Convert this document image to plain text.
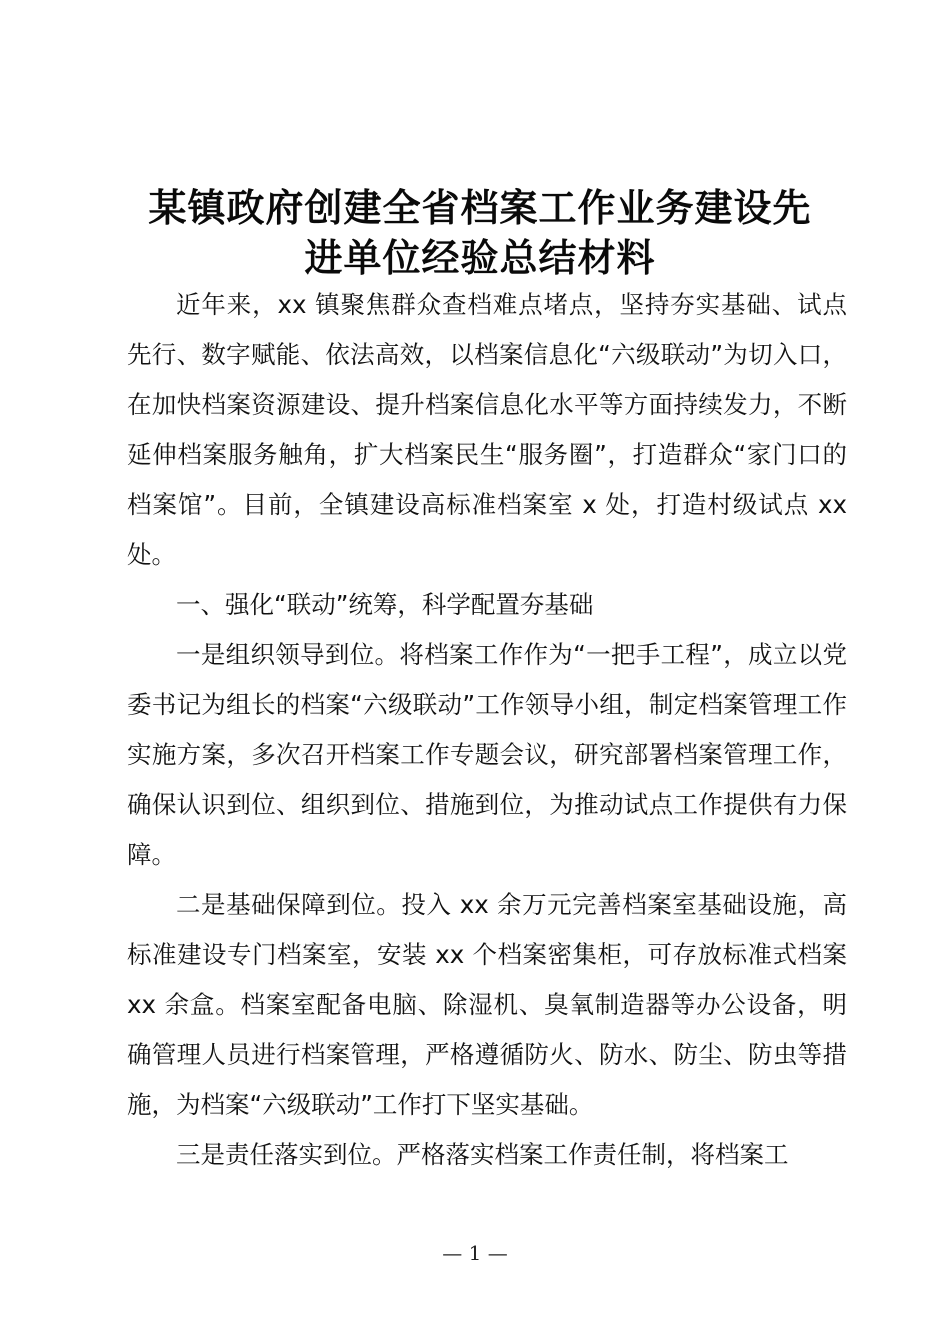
某镇政府创建全省档案工作业务建设先
进单位经验总结材料

近年来，xx 镇聚焦群众查档难点堵点，坚持夯实基础、试点先行、数字赋能、依法高效，以档案信息化“六级联动”为切入口，在加快档案资源建设、提升档案信息化水平等方面持续发力，不断延伸档案服务触角，扩大档案民生“服务圈”，打造群众“家门口的档案馆”。目前，全镇建设高标准档案室 x 处，打造村级试点 xx 处。

一、强化“联动”统筹，科学配置夯基础

一是组织领导到位。将档案工作作为“一把手工程”，成立以党委书记为组长的档案“六级联动”工作领导小组，制定档案管理工作实施方案，多次召开档案工作专题会议，研究部署档案管理工作，确保认识到位、组织到位、措施到位，为推动试点工作提供有力保障。

二是基础保障到位。投入 xx 余万元完善档案室基础设施，高标准建设专门档案室，安装 xx 个档案密集柜，可存放标准式档案 xx 余盒。档案室配备电脑、除湿机、臭氧制造器等办公设备，明确管理人员进行档案管理，严格遵循防火、防水、防尘、防虫等措施，为档案“六级联动”工作打下坚实基础。

三是责任落实到位。严格落实档案工作责任制，将档案工

— 1 —
